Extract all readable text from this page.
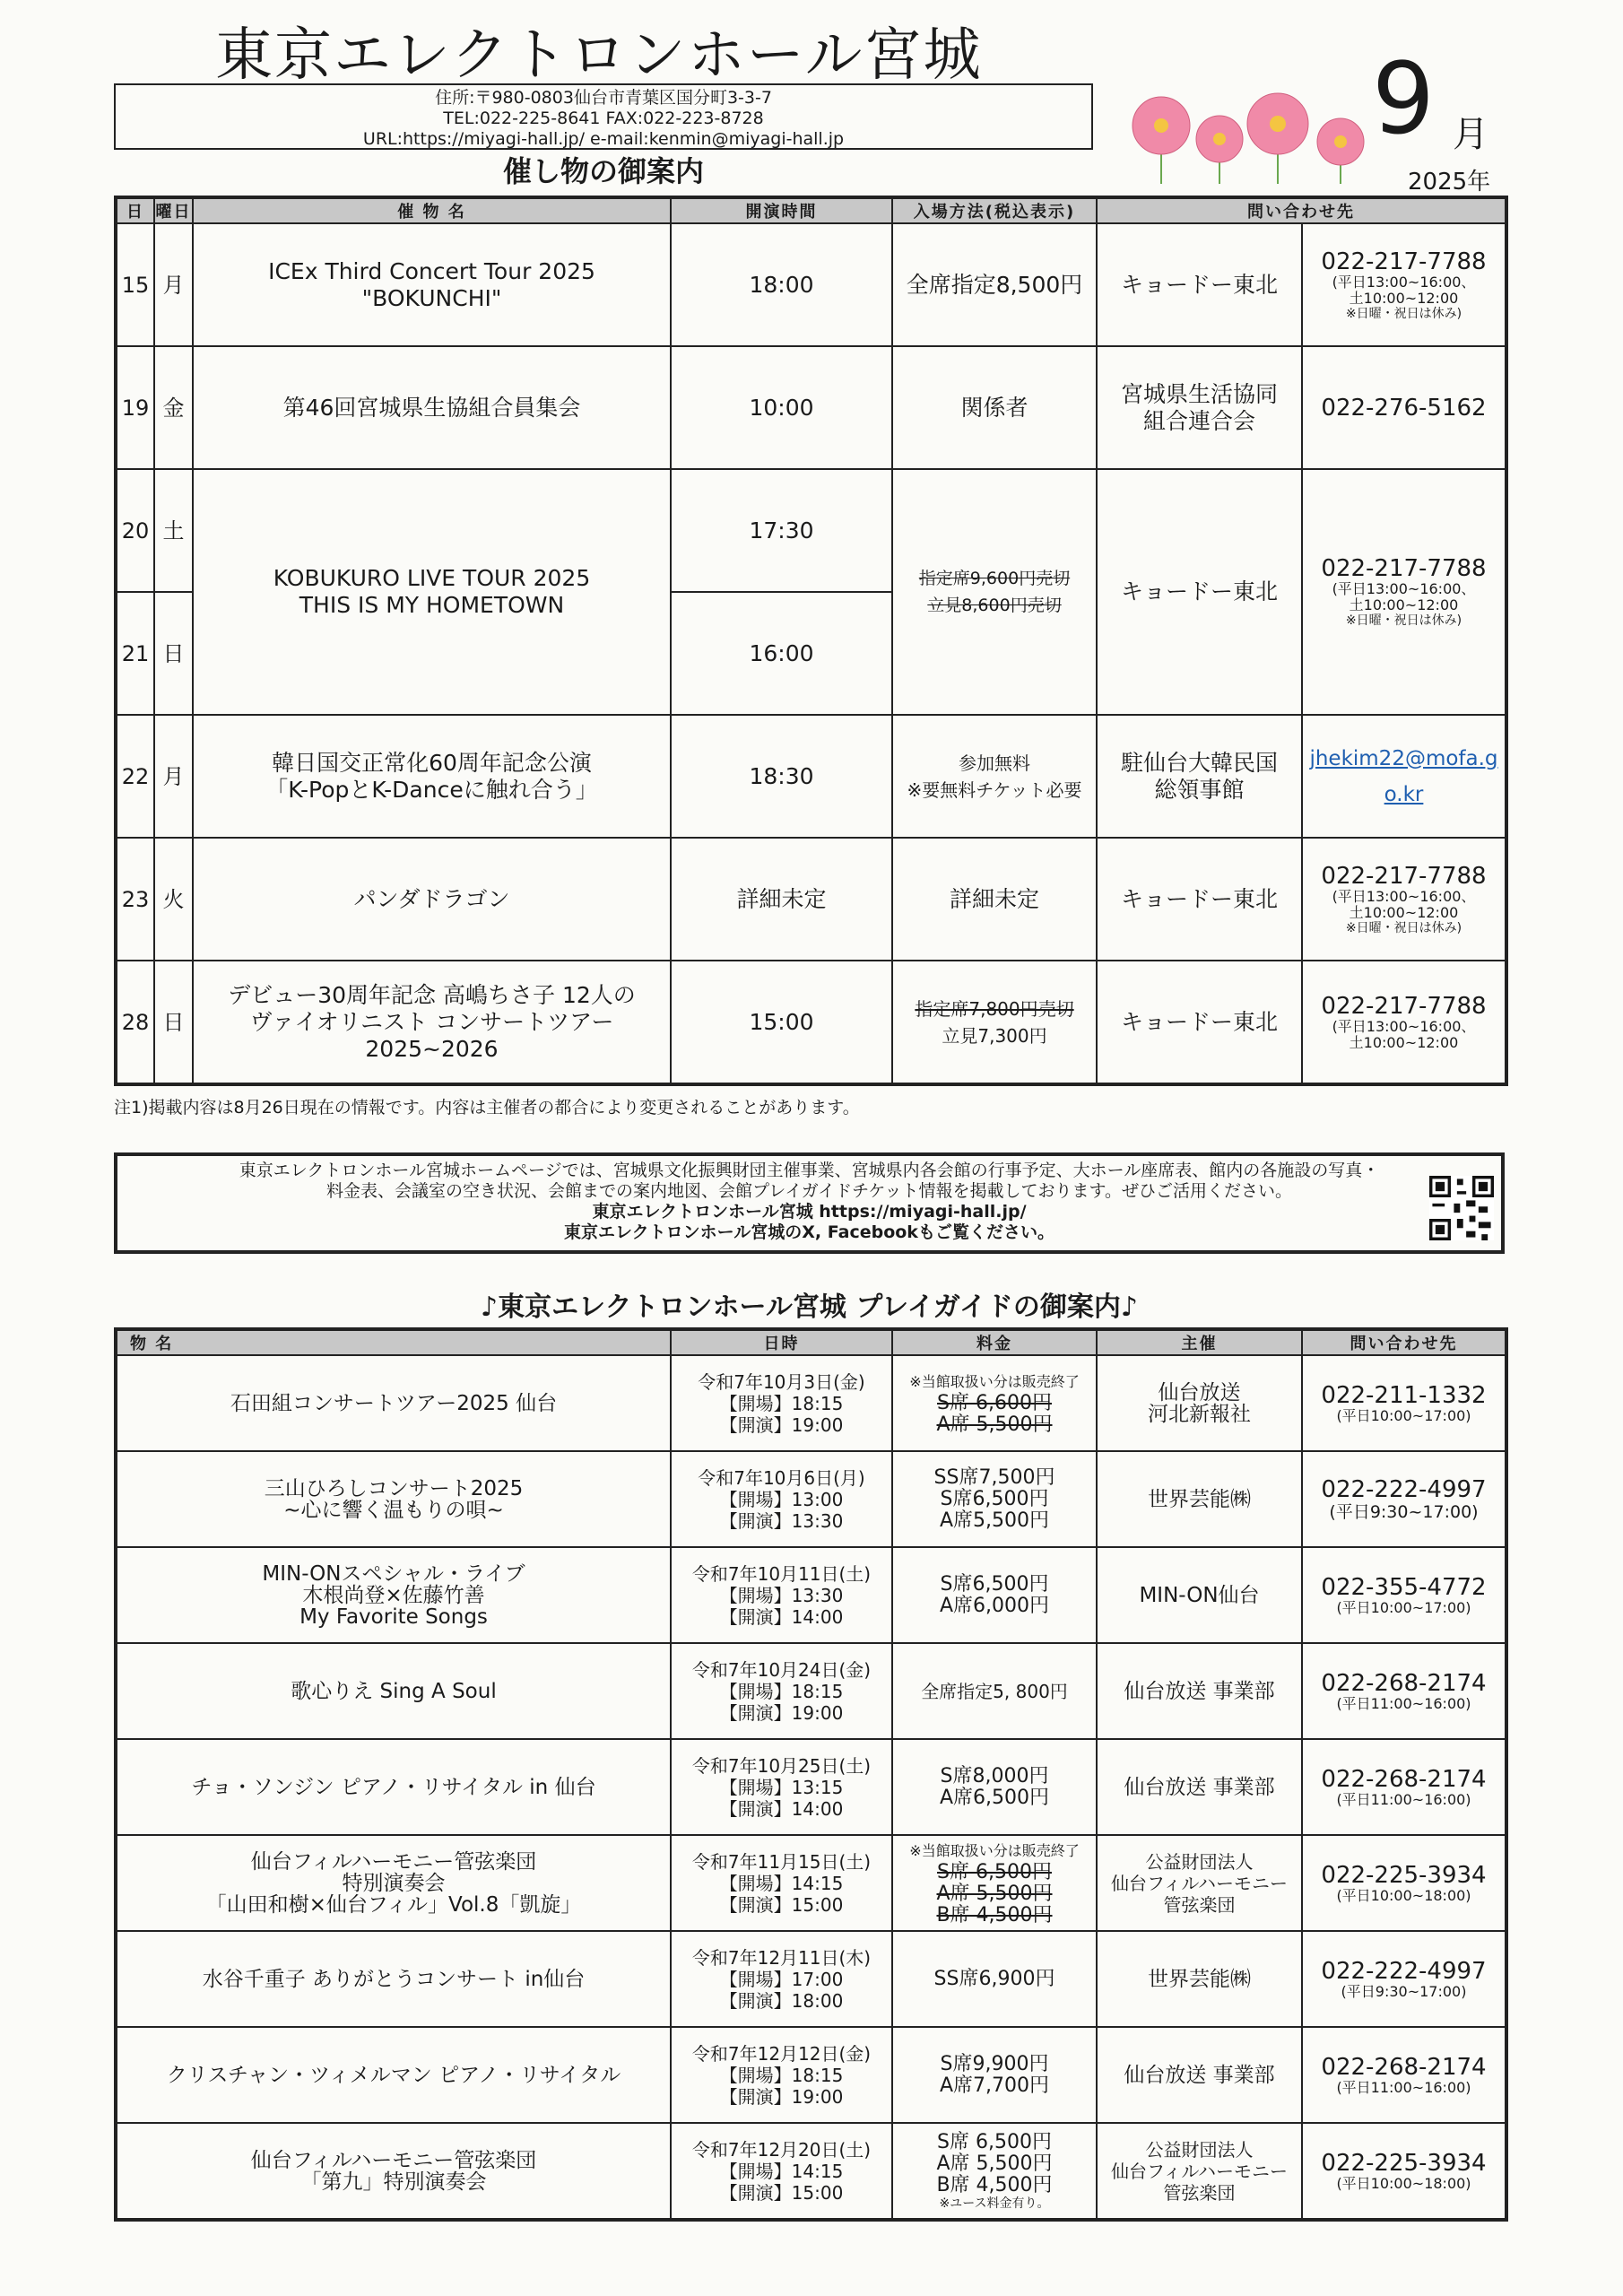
東京エレクトロンホール宮城
住所:〒980-0803仙台市青葉区国分町3-3-7
TEL:022-225-8641 FAX:022-223-8728
URL:https://miyagi-hall.jp/ e-mail:kenmin@miyagi-hall.jp	9 月
2025年
催し物の御案内
日	曜日	催 物 名	開演時間	入場方法(税込表示)	問い合わせ先	
15	月	ICEx Third Concert Tour 2025
"BOKUNCHI"	18:00	全席指定8,500円	キョードー東北	022-217-7788
(平日13:00~16:00、
土10:00~12:00
※日曜・祝日は休み)

19	金	第46回宮城県生協組合員集会	10:00	関係者	宮城県生活協同
組合連合会	022-276-5162

20	土	KOBUKURO LIVE TOUR 2025
THIS IS MY HOMETOWN	17:30	指定席9,600円売切
立見8,600円売切	キョードー東北	022-217-7788
(平日13:00~16:00、
土10:00~12:00
※日曜・祝日は休み)

21	日		16:00			
22	月	韓日国交正常化60周年記念公演
「K-PopとK-Danceに触れ合う」	18:30	参加無料
※要無料チケット必要	駐仙台大韓民国
総領事館	jhekim22@mofa.g
o.kr
23	火	パンダドラゴン	詳細未定	詳細未定	キョードー東北	022-217-7788
(平日13:00~16:00、
土10:00~12:00
※日曜・祝日は休み)

28	日	デビュー30周年記念 高嶋ちさ子 12人の
ヴァイオリニスト コンサートツアー 2025~2026	15:00	指定席7,800円売切
立見7,300円	キョードー東北	022-217-7788
(平日13:00~16:00、
土10:00~12:00
注1)掲載内容は8月26日現在の情報です。内容は主催者の都合により変更されることがあります。
東京エレクトロンホール宮城ホームページでは、宮城県文化振興財団主催事業、宮城県内各会館の行事予定、大ホール座席表、館内の各施設の写真・
料金表、会議室の空き状況、会館までの案内地図、会館プレイガイドチケット情報を掲載しております。ぜひご活用ください。
東京エレクトロンホール宮城 https://miyagi-hall.jp/
東京エレクトロンホール宮城のX, Facebookもご覧ください。
♪東京エレクトロンホール宮城 プレイガイドの御案内♪
物 名	日時	料金	主催	問い合わせ先
石田組コンサートツアー2025 仙台	令和7年10月3日(金)
【開場】18:15
【開演】19:00	※当館取扱い分は販売終了
S席 6,600円
A席 5,500円	仙台放送
河北新報社	022-211-1332
(平日10:00~17:00)

三山ひろしコンサート2025
~心に響く温もりの唄~	令和7年10月6日(月)
【開場】13:00
【開演】13:30	SS席7,500円
S席6,500円
A席5,500円	世界芸能㈱	022-222-4997
(平日9:30~17:00)

MIN-ONスペシャル・ライブ
木根尚登×佐藤竹善
My Favorite Songs	令和7年10月11日(土)
【開場】13:30
【開演】14:00	S席6,500円
A席6,000円	MIN-ON仙台	022-355-4772
(平日10:00~17:00)

歌心りえ Sing A Soul	令和7年10月24日(金)
【開場】18:15
【開演】19:00	全席指定5, 800円	仙台放送 事業部	022-268-2174
(平日11:00~16:00)

チョ・ソンジン ピアノ・リサイタル in 仙台	令和7年10月25日(土)
【開場】13:15
【開演】14:00	S席8,000円
A席6,500円	仙台放送 事業部	022-268-2174
(平日11:00~16:00)

仙台フィルハーモニー管弦楽団
特別演奏会
「山田和樹×仙台フィル」Vol.8「凱旋」	令和7年11月15日(土)
【開場】14:15
【開演】15:00	※当館取扱い分は販売終了
S席 6,500円
A席 5,500円
B席 4,500円	公益財団法人
仙台フィルハーモニー
管弦楽団	022-225-3934
(平日10:00~18:00)

水谷千重子 ありがとうコンサート in仙台	令和7年12月11日(木)
【開場】17:00
【開演】18:00	SS席6,900円	世界芸能㈱	022-222-4997
(平日9:30~17:00)

クリスチャン・ツィメルマン ピアノ・リサイタル	令和7年12月12日(金)
【開場】18:15
【開演】19:00	S席9,900円
A席7,700円	仙台放送 事業部	022-268-2174
(平日11:00~16:00)

仙台フィルハーモニー管弦楽団
「第九」特別演奏会	令和7年12月20日(土)
【開場】14:15
【開演】15:00	S席 6,500円
A席 5,500円
B席 4,500円
※ユース料金有り。	公益財団法人
仙台フィルハーモニー
管弦楽団	022-225-3934
(平日10:00~18:00)
